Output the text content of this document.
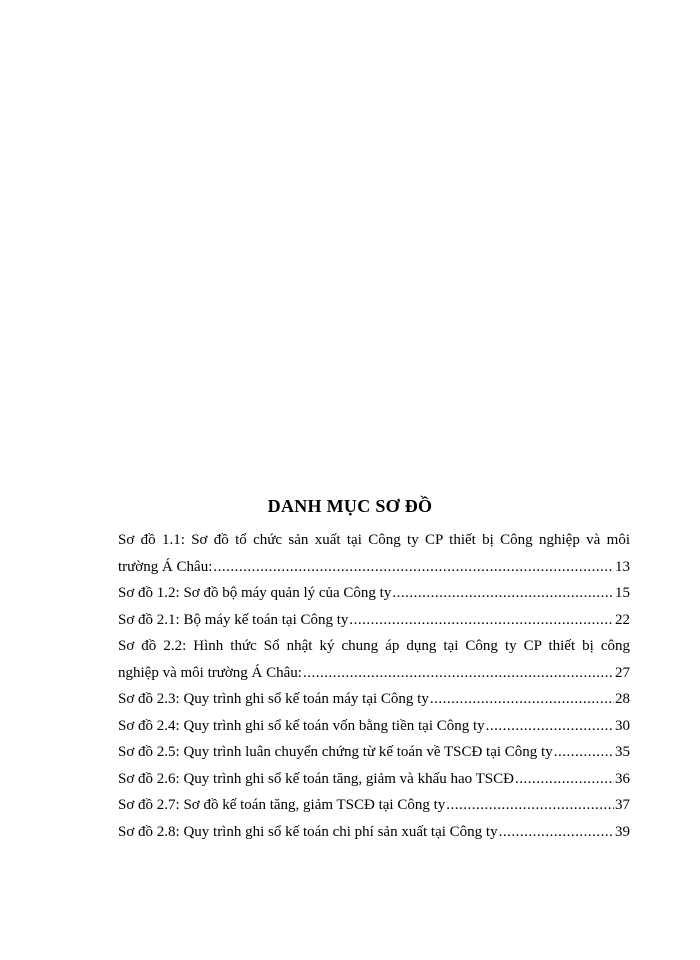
DANH MỤC SƠ ĐỒ
Sơ đồ 1.1: Sơ đồ tổ chức sản xuất tại Công ty CP thiết bị Công nghiệp và môi
trường Á Châu: .....	13
Sơ đồ 1.2: Sơ đồ bộ máy quản lý của Công ty .....	15
Sơ đồ 2.1: Bộ máy kế toán tại Công ty .....	22
Sơ đồ 2.2: Hình thức Sổ nhật ký chung áp dụng tại Công ty CP thiết bị công
nghiệp và môi trường Á Châu: .....	27
Sơ đồ 2.3: Quy trình ghi sổ kế toán máy tại Công ty .....	28
Sơ đồ 2.4: Quy trình ghi sổ kế toán vốn bằng tiền tại Công ty .....	30
Sơ đồ 2.5: Quy trình luân chuyển chứng từ kế toán về TSCĐ tại Công ty .....	35
Sơ đồ 2.6: Quy trình ghi sổ kế toán tăng, giảm và khấu hao TSCĐ .....	36
Sơ đồ 2.7: Sơ đồ kế toán tăng, giảm TSCĐ tại Công ty .....	37
Sơ đồ 2.8: Quy trình ghi sổ kế toán chi phí sản xuất tại Công ty .....	39
